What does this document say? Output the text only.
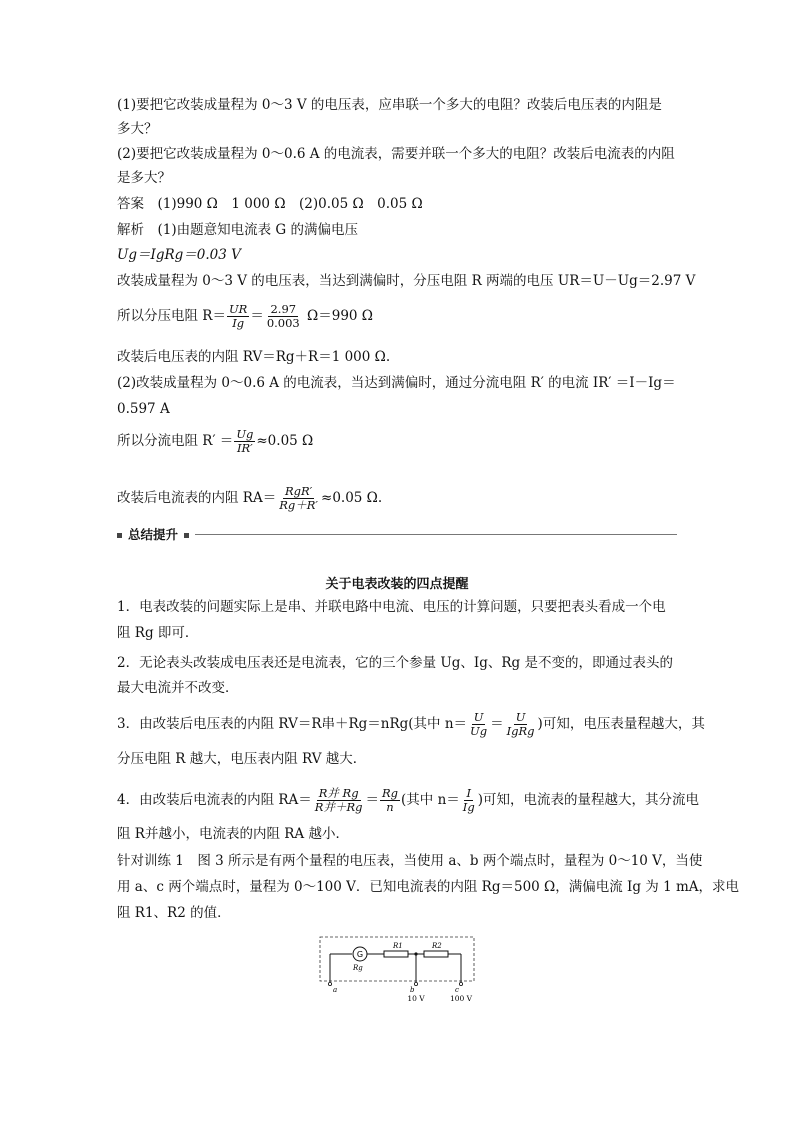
(1)要把它改装成量程为 0～3 V 的电压表，应串联一个多大的电阻？改装后电压表的内阻是
多大？
(2)要把它改装成量程为 0～0.6 A 的电流表，需要并联一个多大的电阻？改装后电流表的内阻
是多大？
答案　(1)990 Ω　1 000 Ω　(2)0.05 Ω　0.05 Ω
解析　(1)由题意知电流表 G 的满偏电压
Ug＝IgRg＝0.03 V
改装成量程为 0～3 V 的电压表，当达到满偏时，分压电阻 R 两端的电压 UR＝U－Ug＝2.97 V
所以分压电阻 $R= \frac{UR}{Ig} = \frac{2.97}{0.003} \Omega=990$ Ω
改装后电压表的内阻 RV＝Rg＋R＝1 000 Ω.
(2)改装成量程为 0～0.6 A 的电流表，当达到满偏时，通过分流电阻 R′ 的电流 IR′ ＝I－Ig＝
0.597 A
所以分流电阻 $R' = \frac{Ug}{IR'} \approx 0.05$ Ω
改装后电流表的内阻 $RA= \frac{\text{RgR′}}{Rg+R'} \approx 0.05$ Ω.
总结提升
关于电表改装的四点提醒
1．电表改装的问题实际上是串、并联电路中电流、电压的计算问题，只要把表头看成一个电
阻 Rg 即可．
2．无论表头改装成电压表还是电流表，它的三个参量 Ug、Ig、Rg 是不变的，即通过表头的
最大电流并不改变．
3．由改装后电压表的内阻 RV＝R串＋Rg＝nRg(其中 $n= \frac{U}{Ug} = \frac{U}{\text{IgRg}}$ )可知，电压表量程越大，其
分压电阻 R 越大，电压表内阻 RV 越大．
4．由改装后电流表的内阻 $RA= \frac{\text{R并 Rg}}{\text{R并＋Rg}} = \frac{Rg}{n}$ (其中 $n= \frac{I}{Ig}$ )可知，电流表的量程越大，其分流电
阻 R并越小，电流表的内阻 RA 越小．
针对训练 1　图 3 所示是有两个量程的电压表，当使用 a、b 两个端点时，量程为 0～10 V，当使
用 a、c 两个端点时，量程为 0～100 V．已知电流表的内阻 Rg＝500 Ω，满偏电流 Ig 为 1 mA，求电
阻 R1、R2 的值．
G
Rg
R1	R2
a	b	c
10 V	100 V
